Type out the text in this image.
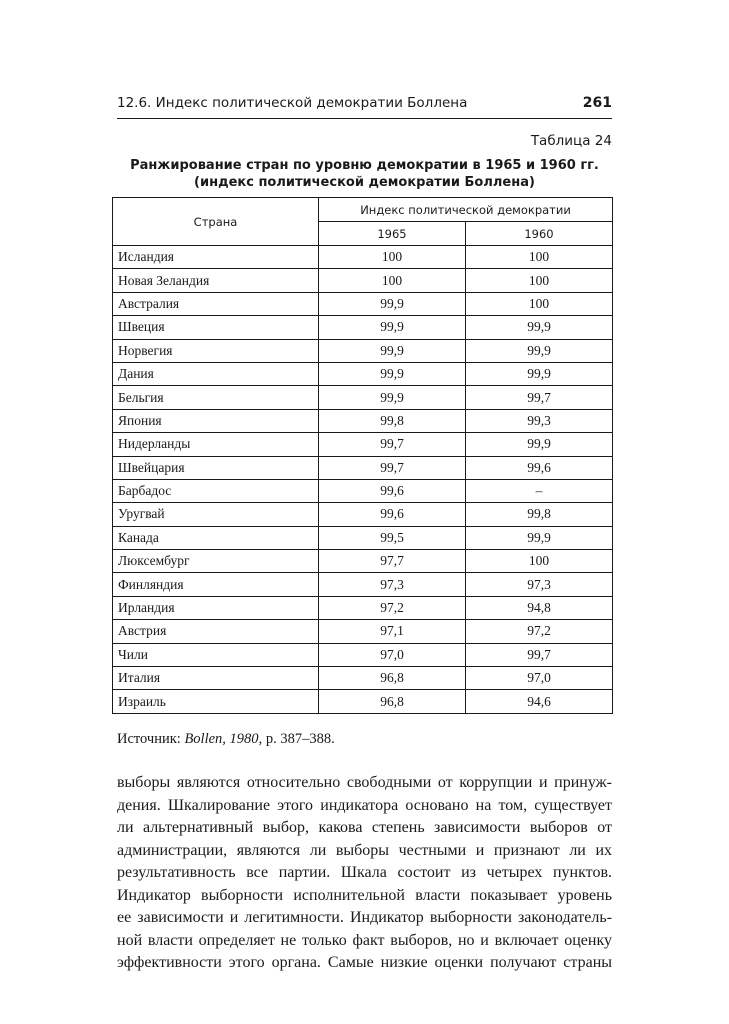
12.6. Индекс политической демократии Боллена	261
Таблица 24
Ранжирование стран по уровню демократии в 1965 и 1960 гг.
(индекс политической демократии Боллена)
Страна	Индекс политической демократии	
	1965	1960
Исландия	100	100
Новая Зеландия	100	100
Австралия	99,9	100
Швеция	99,9	99,9
Норвегия	99,9	99,9
Дания	99,9	99,9
Бельгия	99,9	99,7
Япония	99,8	99,3
Нидерланды	99,7	99,9
Швейцария	99,7	99,6
Барбадос	99,6	–
Уругвай	99,6	99,8
Канада	99,5	99,9
Люксембург	97,7	100
Финляндия	97,3	97,3
Ирландия	97,2	94,8
Австрия	97,1	97,2
Чили	97,0	99,7
Италия	96,8	97,0
Израиль	96,8	94,6
Источник: Bollen, 1980, p. 387–388.
выборы являются относительно свободными от коррупции и принуж-
дения. Шкалирование этого индикатора основано на том, существует
ли альтернативный выбор, какова степень зависимости выборов от
администрации, являются ли выборы честными и признают ли их
результативность все партии. Шкала состоит из четырех пунктов.
Индикатор выборности исполнительной власти показывает уровень
ее зависимости и легитимности. Индикатор выборности законодатель-
ной власти определяет не только факт выборов, но и включает оценку
эффективности этого органа. Самые низкие оценки получают страны
